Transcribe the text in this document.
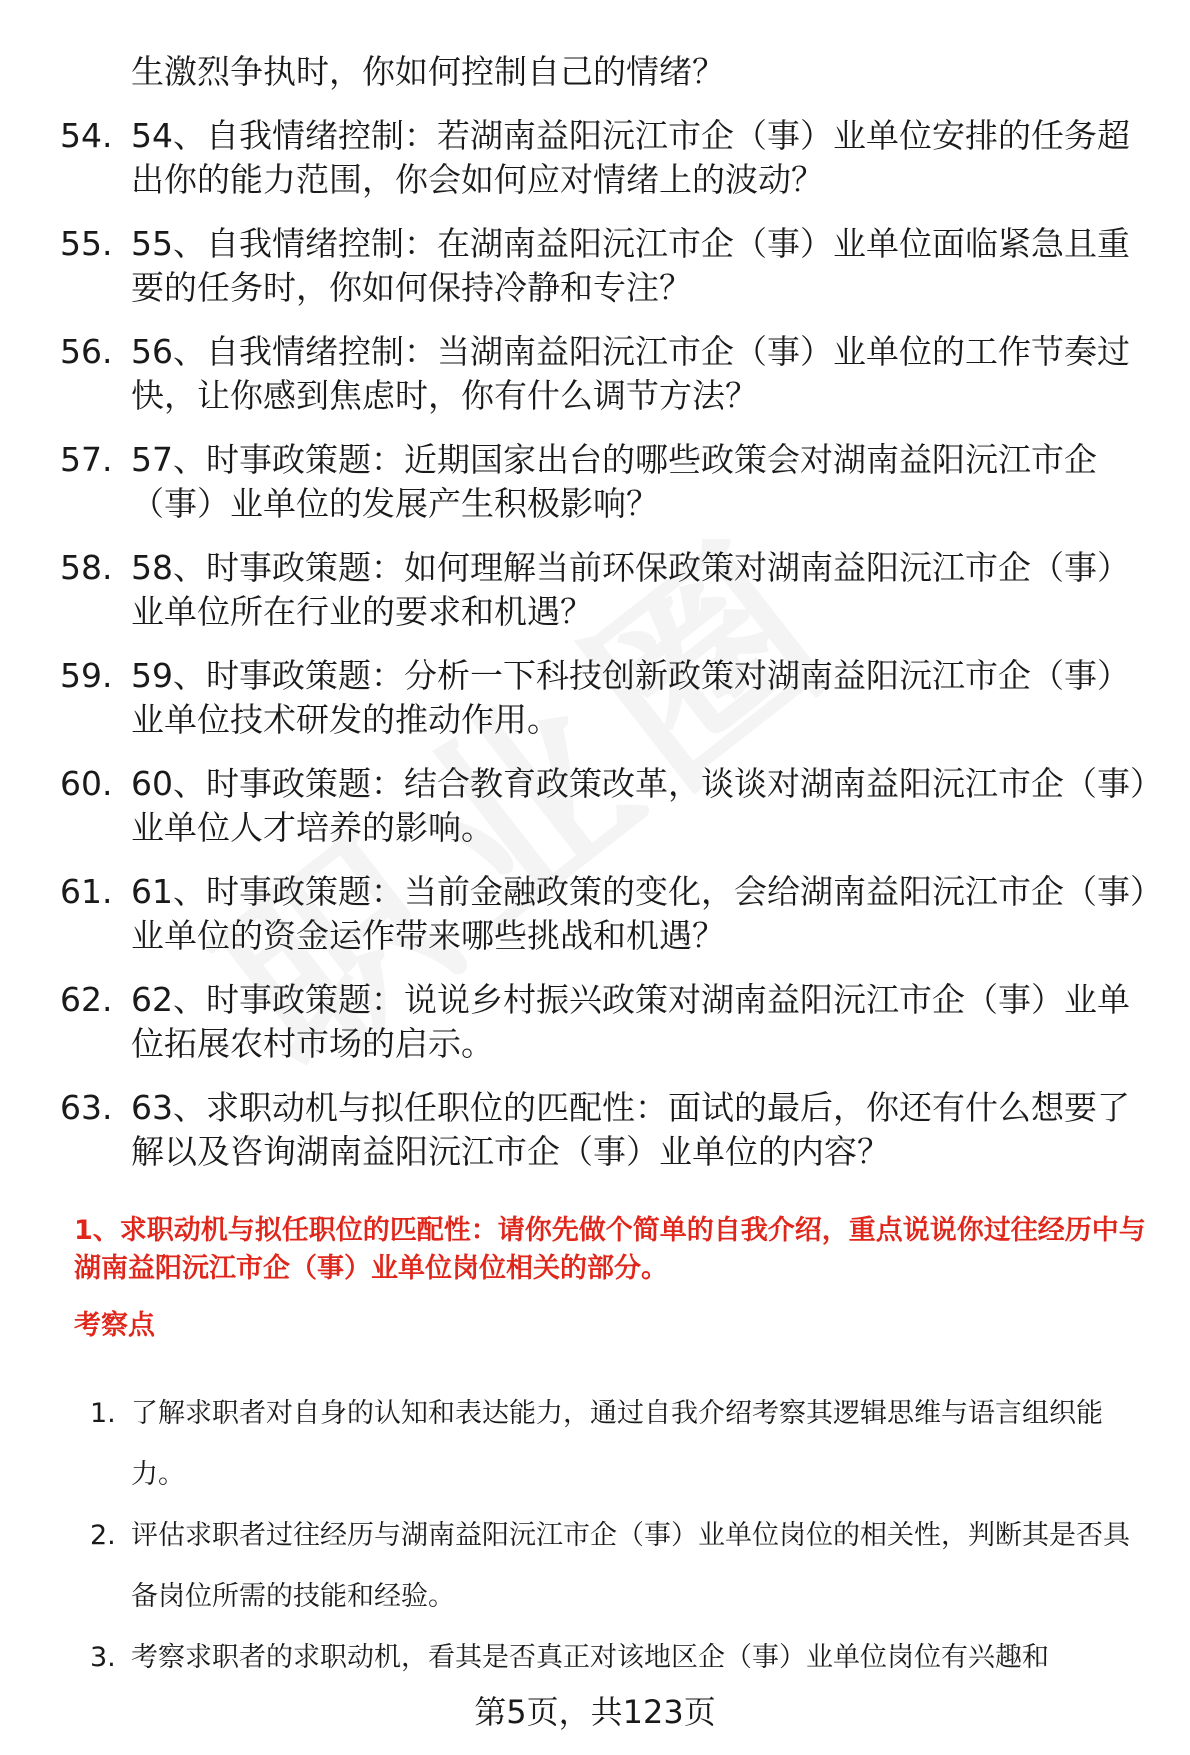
生激烈争执时，你如何控制自己的情绪？

54. 54、自我情绪控制：若湖南益阳沅江市企（事）业单位安排的任务超出你的能力范围，你会如何应对情绪上的波动？
55. 55、自我情绪控制：在湖南益阳沅江市企（事）业单位面临紧急且重要的任务时，你如何保持冷静和专注？
56. 56、自我情绪控制：当湖南益阳沅江市企（事）业单位的工作节奏过快，让你感到焦虑时，你有什么调节方法？
57. 57、时事政策题：近期国家出台的哪些政策会对湖南益阳沅江市企（事）业单位的发展产生积极影响？
58. 58、时事政策题：如何理解当前环保政策对湖南益阳沅江市企（事）业单位所在行业的要求和机遇？
59. 59、时事政策题：分析一下科技创新政策对湖南益阳沅江市企（事）业单位技术研发的推动作用。
60. 60、时事政策题：结合教育政策改革，谈谈对湖南益阳沅江市企（事）业单位人才培养的影响。
61. 61、时事政策题：当前金融政策的变化，会给湖南益阳沅江市企（事）业单位的资金运作带来哪些挑战和机遇？
62. 62、时事政策题：说说乡村振兴政策对湖南益阳沅江市企（事）业单位拓展农村市场的启示。
63. 63、求职动机与拟任职位的匹配性：面试的最后，你还有什么想要了解以及咨询湖南益阳沅江市企（事）业单位的内容？
1、求职动机与拟任职位的匹配性：请你先做个简单的自我介绍，重点说说你过往经历中与湖南益阳沅江市企（事）业单位岗位相关的部分。
考察点
1. 了解求职者对自身的认知和表达能力，通过自我介绍考察其逻辑思维与语言组织能力。
2. 评估求职者过往经历与湖南益阳沅江市企（事）业单位岗位的相关性，判断其是否具备岗位所需的技能和经验。
3. 考察求职者的求职动机，看其是否真正对该地区企（事）业单位岗位有兴趣和

第5页，共123页
